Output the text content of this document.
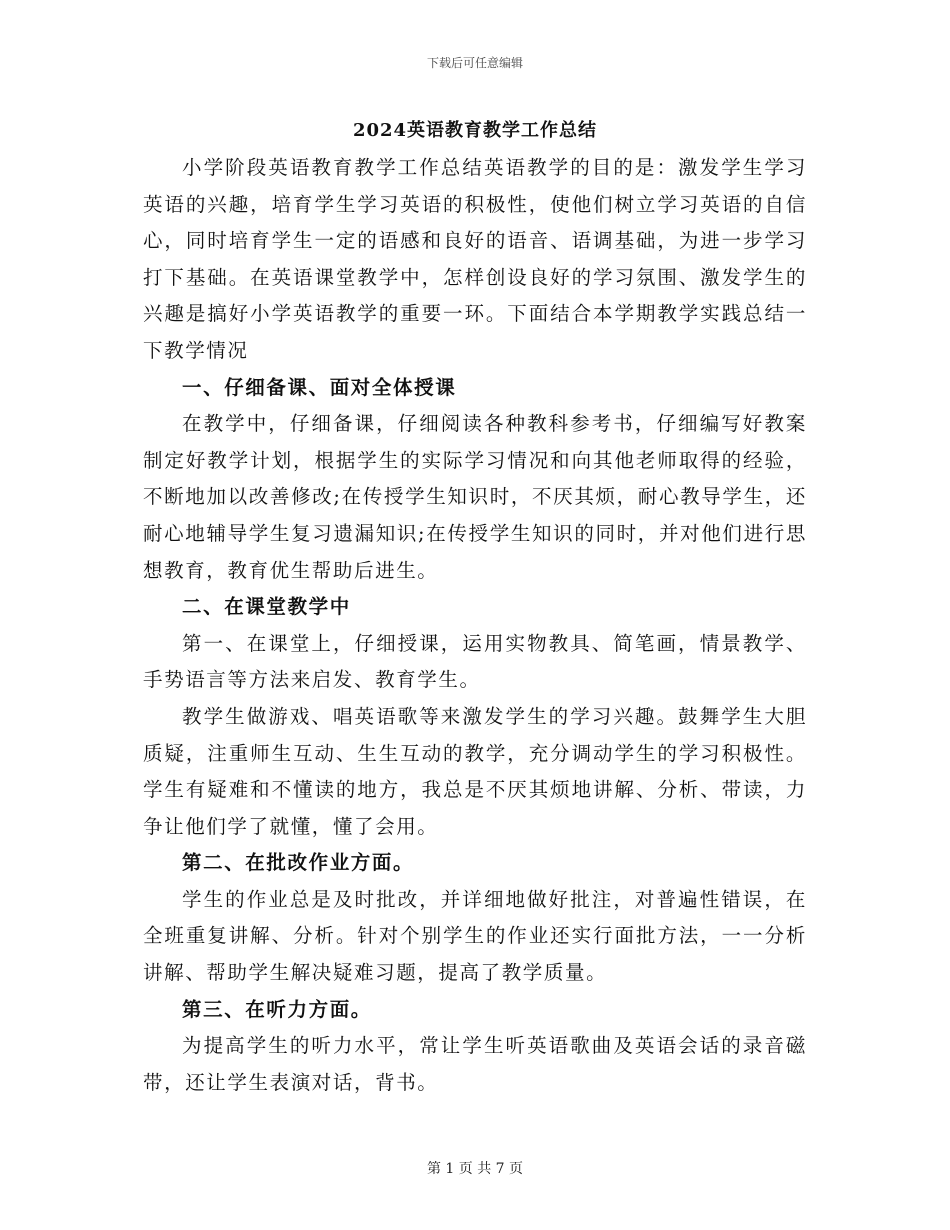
下载后可任意编辑
2024英语教育教学工作总结

小学阶段英语教育教学工作总结英语教学的目的是：激发学生学习英语的兴趣，培育学生学习英语的积极性，使他们树立学习英语的自信心，同时培育学生一定的语感和良好的语音、语调基础，为进一步学习打下基础。在英语课堂教学中，怎样创设良好的学习氛围、激发学生的兴趣是搞好小学英语教学的重要一环。下面结合本学期教学实践总结一下教学情况

一、仔细备课、面对全体授课

在教学中，仔细备课，仔细阅读各种教科参考书，仔细编写好教案制定好教学计划，根据学生的实际学习情况和向其他老师取得的经验，不断地加以改善修改;在传授学生知识时，不厌其烦，耐心教导学生，还耐心地辅导学生复习遗漏知识;在传授学生知识的同时，并对他们进行思想教育，教育优生帮助后进生。

二、在课堂教学中

第一、在课堂上，仔细授课，运用实物教具、简笔画，情景教学、手势语言等方法来启发、教育学生。

教学生做游戏、唱英语歌等来激发学生的学习兴趣。鼓舞学生大胆质疑，注重师生互动、生生互动的教学，充分调动学生的学习积极性。学生有疑难和不懂读的地方，我总是不厌其烦地讲解、分析、带读，力争让他们学了就懂，懂了会用。

第二、在批改作业方面。

学生的作业总是及时批改，并详细地做好批注，对普遍性错误，在全班重复讲解、分析。针对个别学生的作业还实行面批方法，一一分析讲解、帮助学生解决疑难习题，提高了教学质量。

第三、在听力方面。

为提高学生的听力水平，常让学生听英语歌曲及英语会话的录音磁带，还让学生表演对话，背书。

第 1 页 共 7 页
